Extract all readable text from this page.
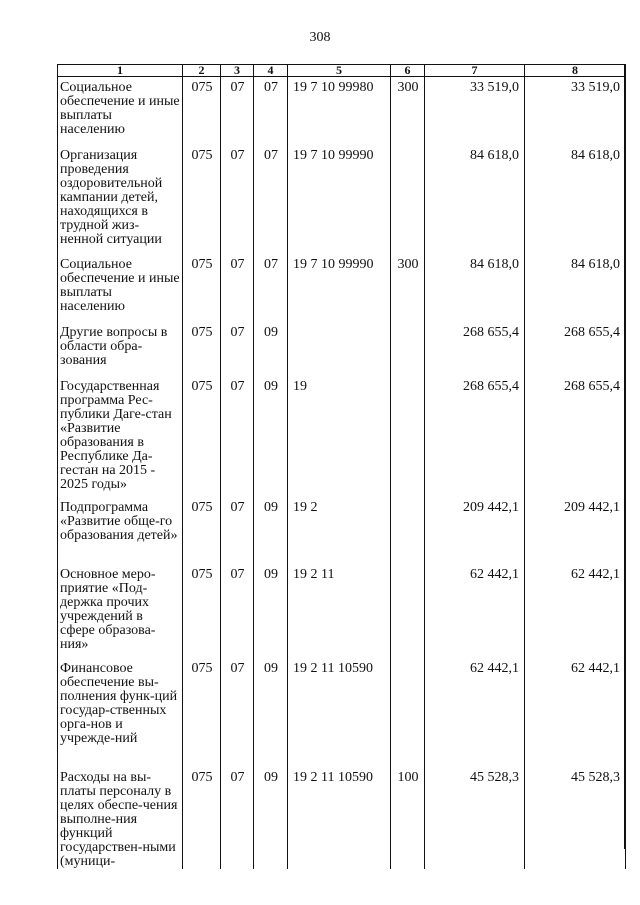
308
1	2	3	4	5	6	7	8
Социальное обеспечение и иные выплаты населению	075	07	07	19 7 10 99980	300	33 519,0	33 519,0
Организация проведения оздоровительной кампании детей, находящихся в трудной жиз-ненной ситуации	075	07	07	19 7 10 99990		84 618,0	84 618,0
Социальное обеспечение и иные выплаты населению	075	07	07	19 7 10 99990	300	84 618,0	84 618,0
Другие вопросы в области обра-зования	075	07	09			268 655,4	268 655,4
Государственная программа Рес-публики Даге-стан «Развитие образования в Республике Да-гестан на 2015 - 2025 годы»	075	07	09	19		268 655,4	268 655,4
Подпрограмма «Развитие обще-го образования детей»	075	07	09	19 2		209 442,1	209 442,1
Основное меро-приятие «Под-держка прочих учреждений в сфере образова-ния»	075	07	09	19 2 11		62 442,1	62 442,1
Финансовое обеспечение вы-полнения функ-ций государ-ственных орга-нов и учрежде-ний	075	07	09	19 2 11 10590		62 442,1	62 442,1
Расходы на вы-платы персоналу в целях обеспе-чения выполне-ния функций государствен-ными (муници-	075	07	09	19 2 11 10590	100	45 528,3	45 528,3
